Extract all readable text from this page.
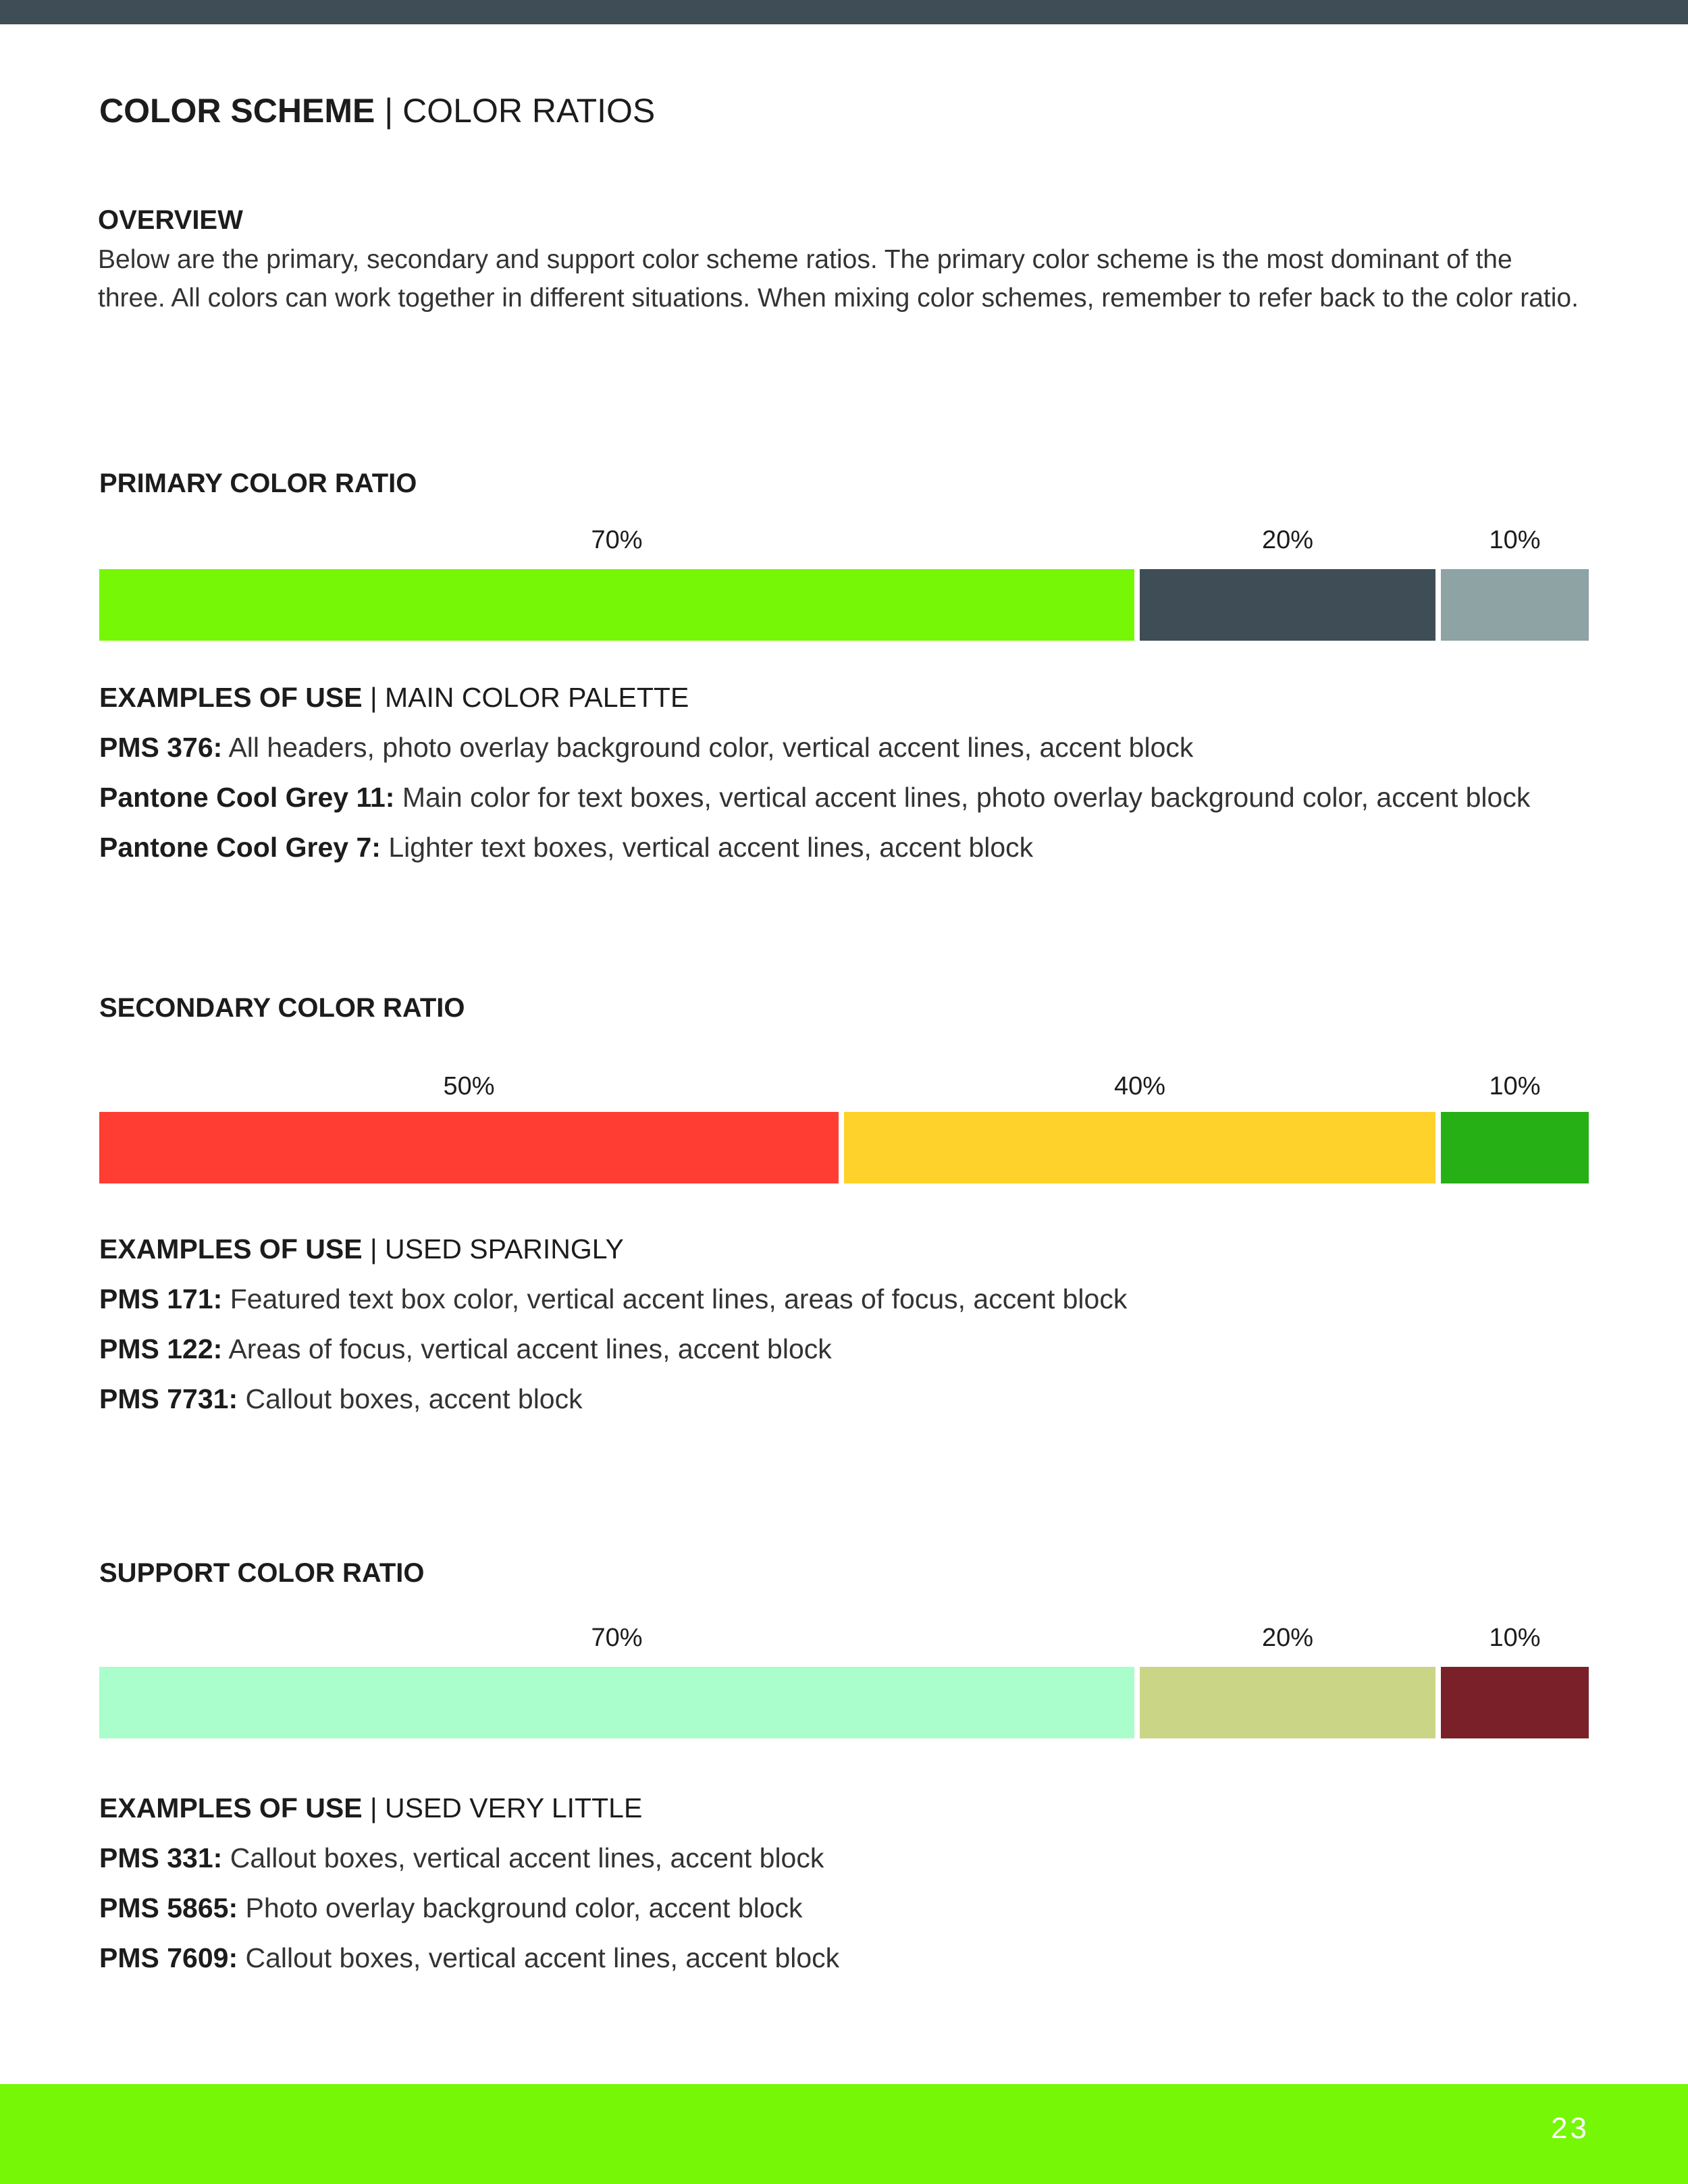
COLOR SCHEME | COLOR RATIOS
OVERVIEW
Below are the primary, secondary and support color scheme ratios. The primary color scheme is the most dominant of the three. All colors can work together in different situations. When mixing color schemes, remember to refer back to the color ratio.
PRIMARY COLOR RATIO
70%	20%	10%
EXAMPLES OF USE | MAIN COLOR PALETTE
PMS 376: All headers, photo overlay background color, vertical accent lines, accent block
Pantone Cool Grey 11: Main color for text boxes, vertical accent lines, photo overlay background color, accent block
Pantone Cool Grey 7: Lighter text boxes, vertical accent lines, accent block
SECONDARY COLOR RATIO
50%	40%	10%
EXAMPLES OF USE | USED SPARINGLY
PMS 171: Featured text box color, vertical accent lines, areas of focus, accent block
PMS 122: Areas of focus, vertical accent lines, accent block
PMS 7731: Callout boxes, accent block
SUPPORT COLOR RATIO
70%	20%	10%
EXAMPLES OF USE | USED VERY LITTLE
PMS 331: Callout boxes, vertical accent lines, accent block
PMS 5865: Photo overlay background color, accent block
PMS 7609: Callout boxes, vertical accent lines, accent block
23
